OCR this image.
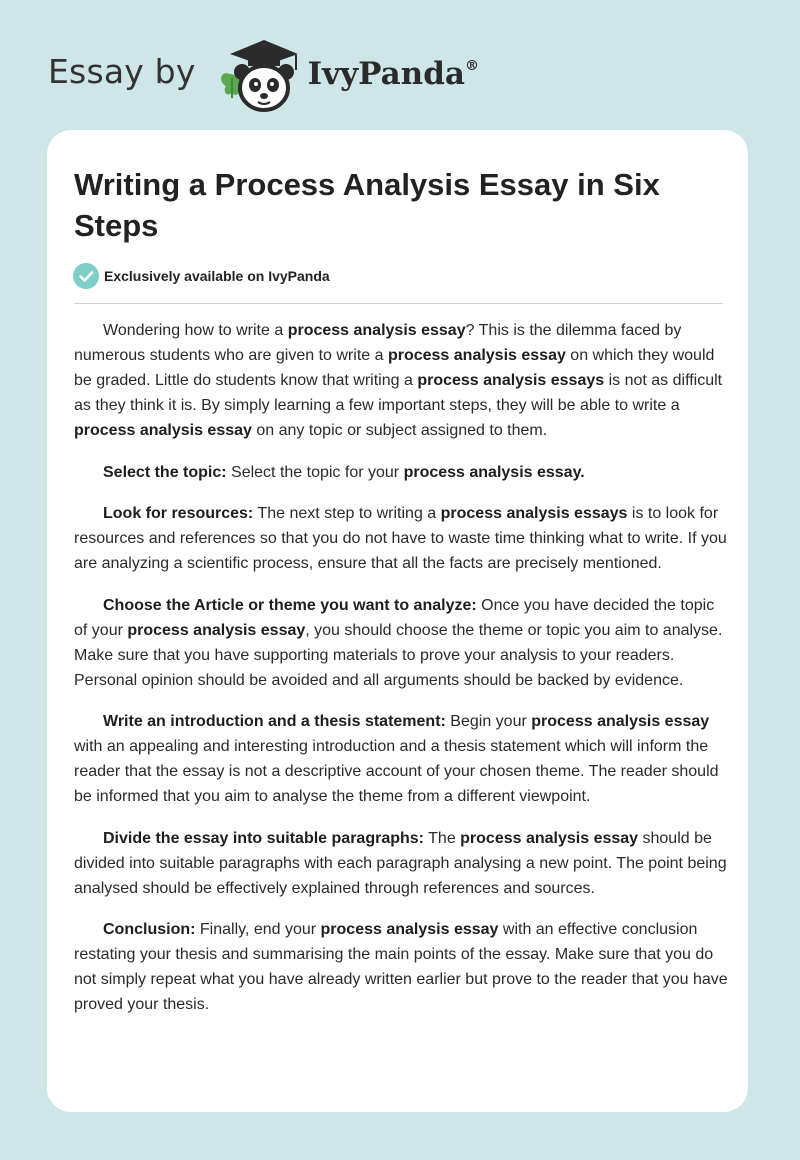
Essay by	IvyPanda®
Writing a Process Analysis Essay in Six Steps
Exclusively available on IvyPanda

Wondering how to write a process analysis essay? This is the dilemma faced by numerous students who are given to write a process analysis essay on which they would be graded. Little do students know that writing a process analysis essays is not as difficult as they think it is. By simply learning a few important steps, they will be able to write a process analysis essay on any topic or subject assigned to them.

Select the topic: Select the topic for your process analysis essay.

Look for resources: The next step to writing a process analysis essays is to look for resources and references so that you do not have to waste time thinking what to write. If you are analyzing a scientific process, ensure that all the facts are precisely mentioned.

Choose the Article or theme you want to analyze: Once you have decided the topic of your process analysis essay, you should choose the theme or topic you aim to analyse. Make sure that you have supporting materials to prove your analysis to your readers. Personal opinion should be avoided and all arguments should be backed by evidence.

Write an introduction and a thesis statement: Begin your process analysis essay with an appealing and interesting introduction and a thesis statement which will inform the reader that the essay is not a descriptive account of your chosen theme. The reader should be informed that you aim to analyse the theme from a different viewpoint.

Divide the essay into suitable paragraphs: The process analysis essay should be divided into suitable paragraphs with each paragraph analysing a new point. The point being analysed should be effectively explained through references and sources.

Conclusion: Finally, end your process analysis essay with an effective conclusion restating your thesis and summarising the main points of the essay. Make sure that you do not simply repeat what you have already written earlier but prove to the reader that you have proved your thesis.
